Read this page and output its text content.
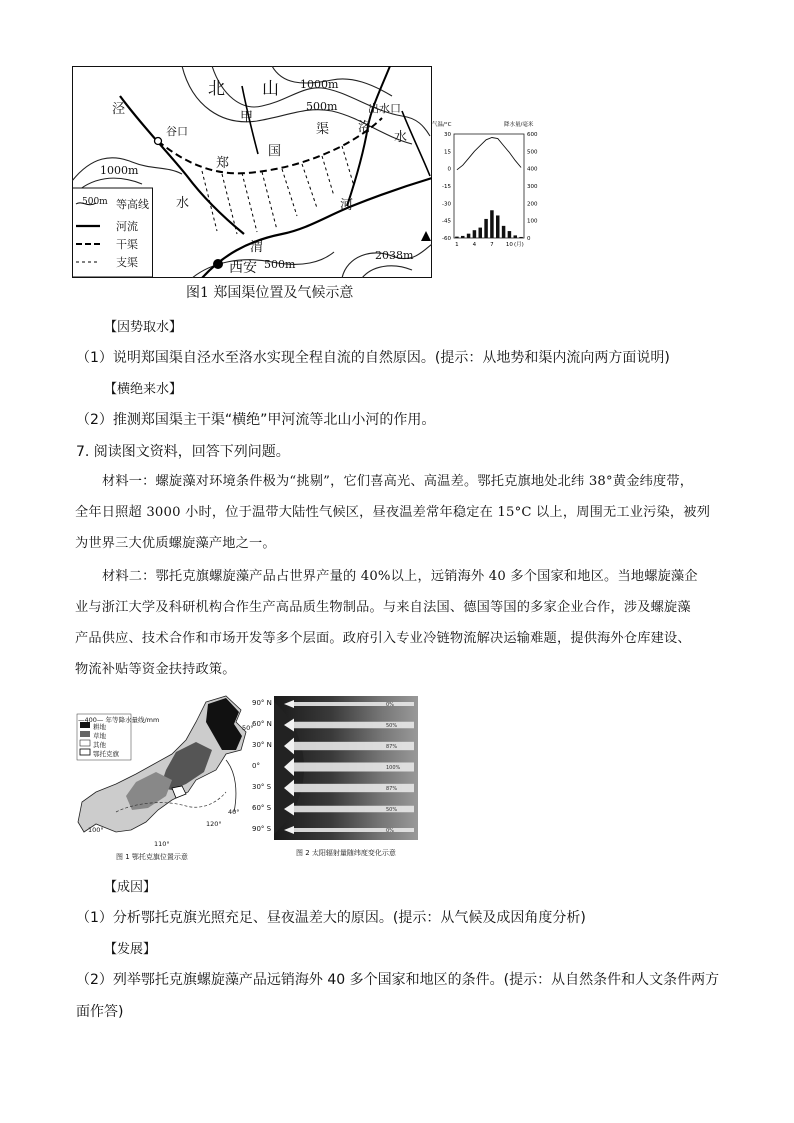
北 山 1000m
500m
泾
甲
渠 洛
出水口
水
谷口
郑
国
1000m
水	河
渭
西安 500m
2038m
500m 等高线
河流
干渠
支渠
30
15
0
-15
-30
-45
-60
600
500
400
300
200
100
0
气温/°C	降水量/毫米
1	4	7 10 (月)
图1 郑国渠位置及气候示意
【因势取水】
（1）说明郑国渠自泾水至洛水实现全程自流的自然原因。(提示：从地势和渠内流向两方面说明)
【横绝来水】
（2）推测郑国渠主干渠“横绝”甲河流等北山小河的作用。
7. 阅读图文资料，回答下列问题。
材料一：螺旋藻对环境条件极为“挑剔”，它们喜高光、高温差。鄂托克旗地处北纬 38°黄金纬度带，
全年日照超 3000 小时，位于温带大陆性气候区，昼夜温差常年稳定在 15°C 以上，周围无工业污染，被列
为世界三大优质螺旋藻产地之一。
材料二：鄂托克旗螺旋藻产品占世界产量的 40%以上，远销海外 40 多个国家和地区。当地螺旋藻企
业与浙江大学及科研机构合作生产高品质生物制品。与来自法国、德国等国的多家企业合作，涉及螺旋藻
产品供应、技术合作和市场开发等多个层面。政府引入专业冷链物流解决运输难题，提供海外仓库建设、
物流补贴等资金扶持政策。
—400— 年等降水量线/mm
耕地
草地
其他
鄂托克旗
50°
40°
100°
110°
120°
图 1 鄂托克旗位置示意
0%
50%
87%
100%
87%
50%
0%
图 2 太阳辐射量随纬度变化示意
90° N
60° N
30° N
0°
30° S
60° S
90° S
【成因】
（1）分析鄂托克旗光照充足、昼夜温差大的原因。(提示：从气候及成因角度分析)
【发展】
（2）列举鄂托克旗螺旋藻产品远销海外 40 多个国家和地区的条件。(提示：从自然条件和人文条件两方
面作答)
